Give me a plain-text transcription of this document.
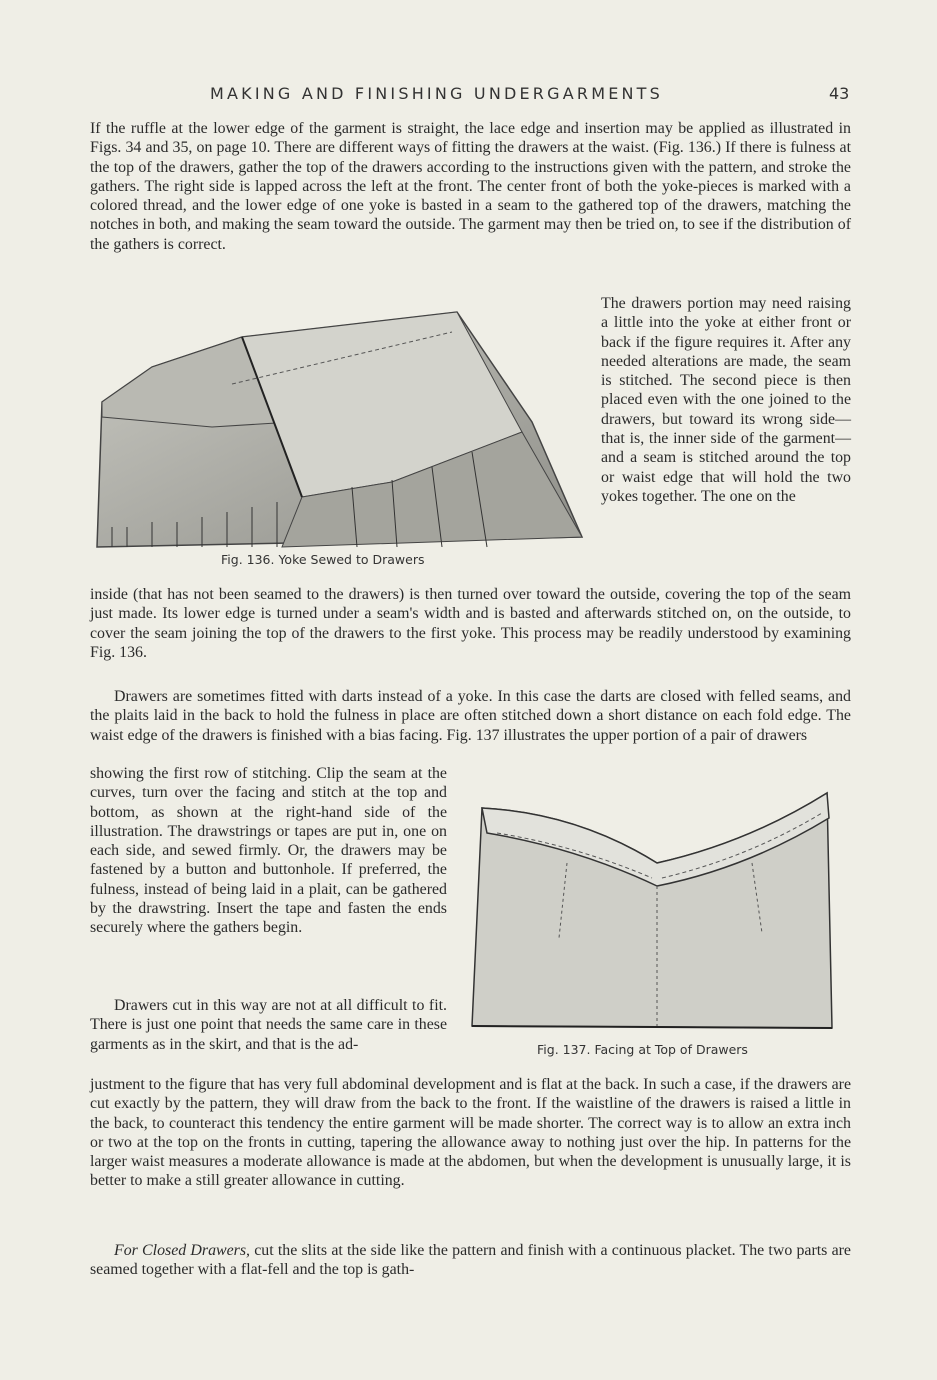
MAKING AND FINISHING UNDERGARMENTS	43

If the ruffle at the lower edge of the garment is straight, the lace edge and insertion may be applied as illustrated in Figs. 34 and 35, on page 10. There are different ways of fitting the drawers at the waist. (Fig. 136.) If there is fulness at the top of the drawers, gather the top of the drawers according to the instructions given with the pattern, and stroke the gathers. The right side is lapped across the left at the front. The center front of both the yoke-pieces is marked with a colored thread, and the lower edge of one yoke is basted in a seam to the gathered top of the drawers, matching the notches in both, and making the seam toward the outside. The garment may then be tried on, to see if the distribution of the gathers is correct.

Fig. 136. Yoke Sewed to Drawers

The drawers portion may need raising a little into the yoke at either front or back if the figure requires it. After any needed alterations are made, the seam is stitched. The second piece is then placed even with the one joined to the drawers, but toward its wrong side—that is, the inner side of the garment—and a seam is stitched around the top or waist edge that will hold the two yokes together. The one on the

inside (that has not been seamed to the drawers) is then turned over toward the outside, covering the top of the seam just made. Its lower edge is turned under a seam's width and is basted and afterwards stitched on, on the outside, to cover the seam joining the top of the drawers to the first yoke. This process may be readily understood by examining Fig. 136.

Drawers are sometimes fitted with darts instead of a yoke. In this case the darts are closed with felled seams, and the plaits laid in the back to hold the fulness in place are often stitched down a short distance on each fold edge. The waist edge of the drawers is finished with a bias facing. Fig. 137 illustrates the upper portion of a pair of drawers

showing the first row of stitching. Clip the seam at the curves, turn over the facing and stitch at the top and bottom, as shown at the right-hand side of the illustration. The drawstrings or tapes are put in, one on each side, and sewed firmly. Or, the drawers may be fastened by a button and buttonhole. If preferred, the fulness, instead of being laid in a plait, can be gathered by the drawstring. Insert the tape and fasten the ends securely where the gathers begin.

Fig. 137. Facing at Top of Drawers

Drawers cut in this way are not at all difficult to fit. There is just one point that needs the same care in these garments as in the skirt, and that is the ad-

justment to the figure that has very full abdominal development and is flat at the back. In such a case, if the drawers are cut exactly by the pattern, they will draw from the back to the front. If the waistline of the drawers is raised a little in the back, to counteract this tendency the entire garment will be made shorter. The correct way is to allow an extra inch or two at the top on the fronts in cutting, tapering the allowance away to nothing just over the hip. In patterns for the larger waist measures a moderate allowance is made at the abdomen, but when the development is unusually large, it is better to make a still greater allowance in cutting.

For Closed Drawers, cut the slits at the side like the pattern and finish with a continuous placket. The two parts are seamed together with a flat-fell and the top is gath-
